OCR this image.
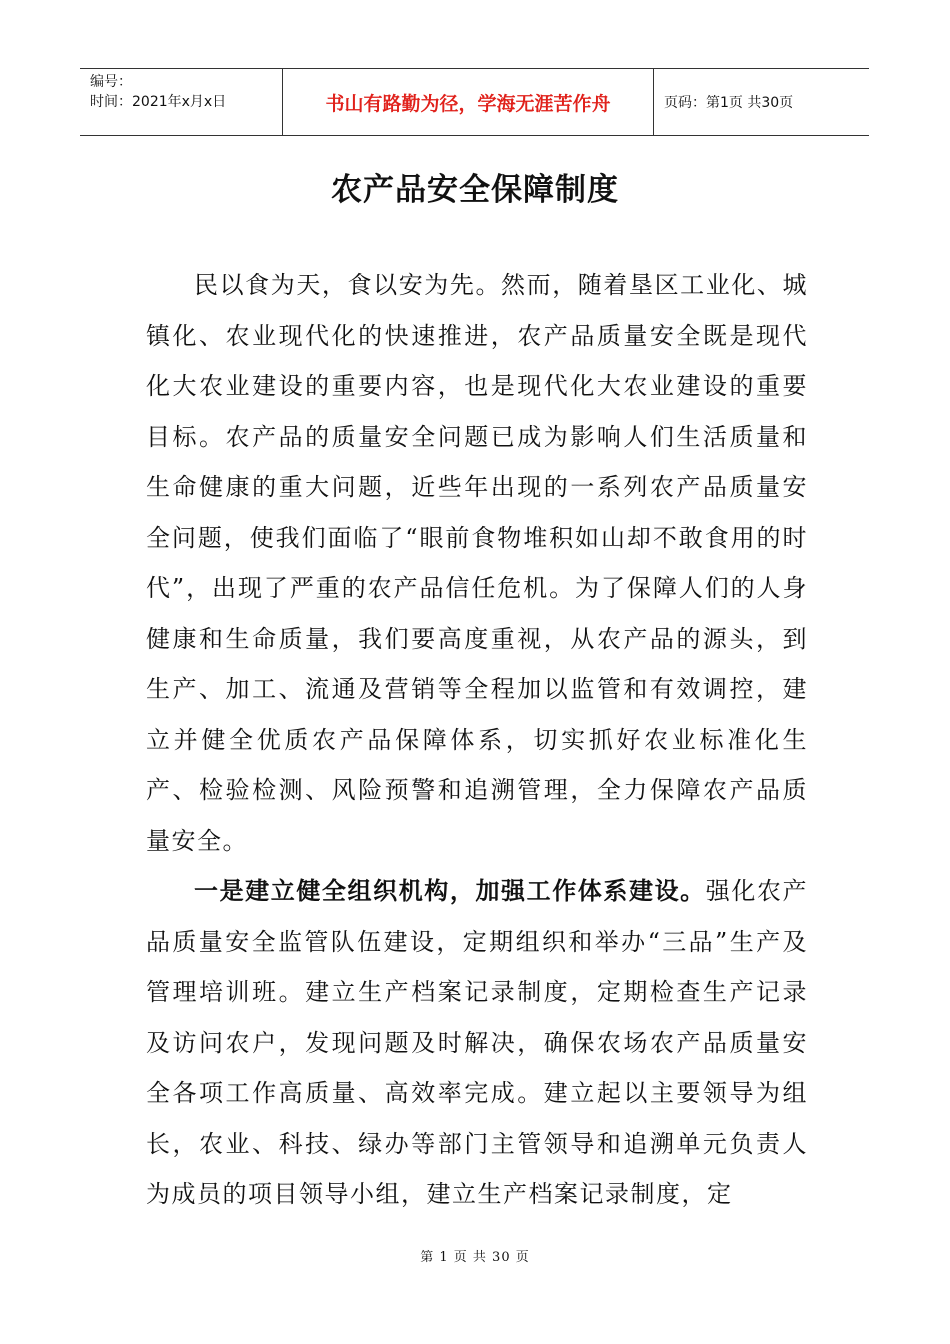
编号：
时间：2021年x月x日	书山有路勤为径，学海无涯苦作舟	页码：第1页 共30页
农产品安全保障制度

民以食为天，食以安为先。然而，随着垦区工业化、城镇化、农业现代化的快速推进，农产品质量安全既是现代化大农业建设的重要内容，也是现代化大农业建设的重要目标。农产品的质量安全问题已成为影响人们生活质量和生命健康的重大问题，近些年出现的一系列农产品质量安全问题，使我们面临了“眼前食物堆积如山却不敢食用的时代”，出现了严重的农产品信任危机。为了保障人们的人身健康和生命质量，我们要高度重视，从农产品的源头，到生产、加工、流通及营销等全程加以监管和有效调控，建立并健全优质农产品保障体系，切实抓好农业标准化生产、检验检测、风险预警和追溯管理，全力保障农产品质量安全。

一是建立健全组织机构，加强工作体系建设。强化农产品质量安全监管队伍建设，定期组织和举办“三品”生产及管理培训班。建立生产档案记录制度，定期检查生产记录及访问农户，发现问题及时解决，确保农场农产品质量安全各项工作高质量、高效率完成。建立起以主要领导为组长，农业、科技、绿办等部门主管领导和追溯单元负责人为成员的项目领导小组，建立生产档案记录制度，定

第 1 页 共 30 页
